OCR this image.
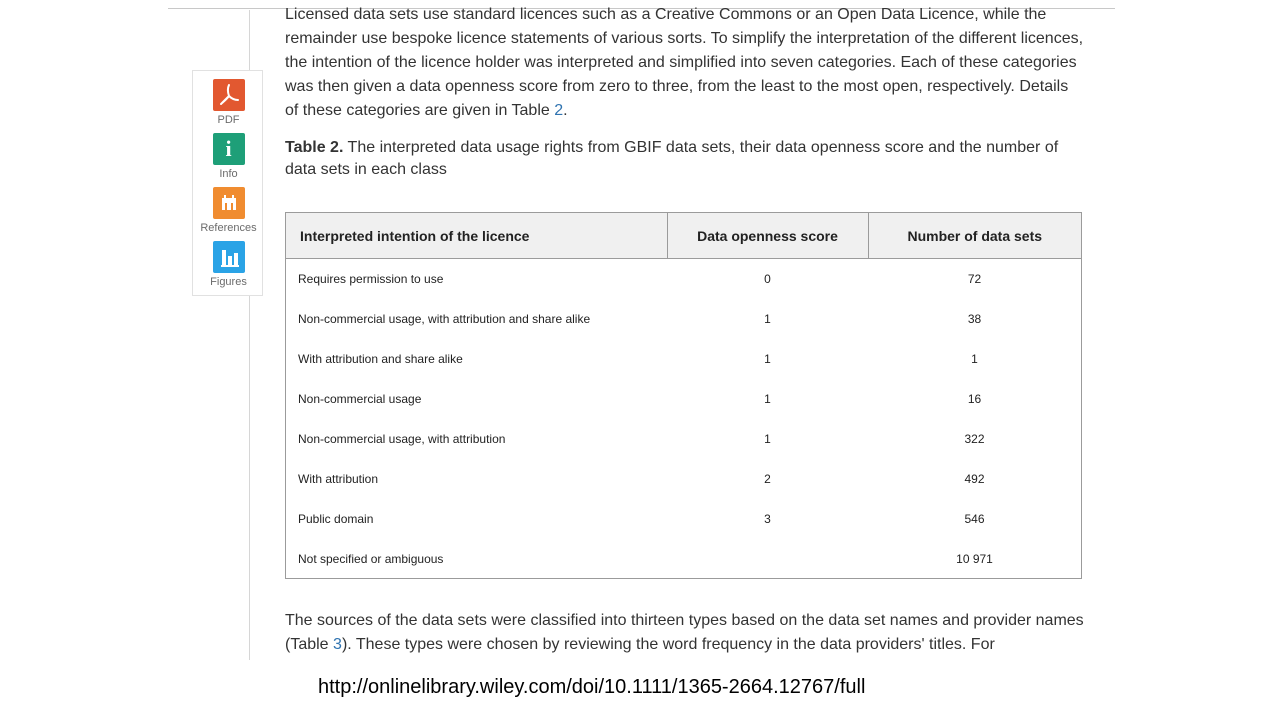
PDF
i
Info
References
Figures

Licensed data sets use standard licences such as a Creative Commons or an Open Data Licence, while the remainder use bespoke licence statements of various sorts. To simplify the interpretation of the different licences, the intention of the licence holder was interpreted and simplified into seven categories. Each of these categories was then given a data openness score from zero to three, from the least to the most open, respectively. Details of these categories are given in Table 2.

Table 2. The interpreted data usage rights from GBIF data sets, their data openness score and the number of data sets in each class

Interpreted intention of the licence	Data openness score	Number of data sets
Requires permission to use	0	72
Non-commercial usage, with attribution and share alike	1	38
With attribution and share alike	1	1
Non-commercial usage	1	16
Non-commercial usage, with attribution	1	322
With attribution	2	492
Public domain	3	546
Not specified or ambiguous		10 971

The sources of the data sets were classified into thirteen types based on the data set names and provider names (Table 3). These types were chosen by reviewing the word frequency in the data providers' titles. For

http://onlinelibrary.wiley.com/doi/10.1111/1365-2664.12767/full
